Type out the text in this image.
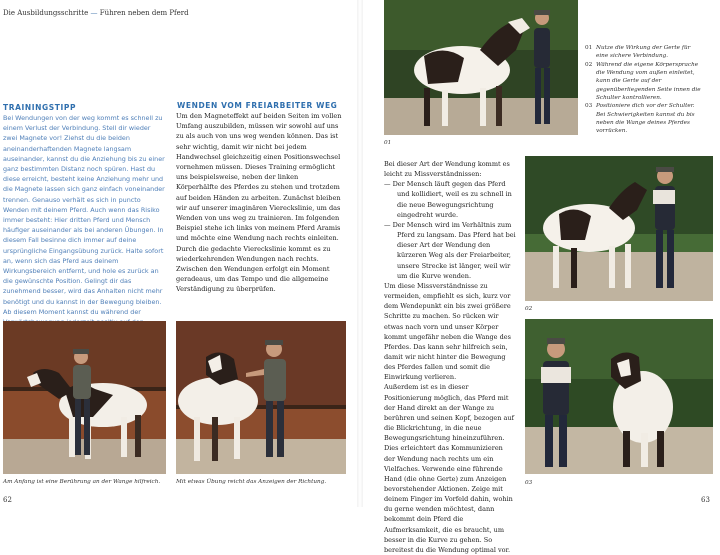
Die Ausbildungsschritte — Führen neben dem Pferd
TRAININGSTIPP
Bei Wendungen von der weg kommt es schnell zu einem Verlust der Verbindung. Stell dir wieder zwei Magnete vor! Ziehst du die beiden aneinanderhaftenden Magnete langsam auseinander, kannst du die Anziehung bis zu einer ganz bestimmten Distanz noch spüren. Hast du diese erreicht, besteht keine Anziehung mehr und die Magnete lassen sich ganz einfach voneinander trennen. Genauso verhält es sich in puncto Wenden mit deinem Pferd. Auch wenn das Risiko immer besteht: Hier dritten Pferd und Mensch häufiger auseinander als bei anderen Übungen. In diesem Fall besinne dich immer auf deine ursprüngliche Eingangsübung zurück. Halte sofort an, wenn sich das Pferd aus deinem Wirkungsbereich entfernt, und hole es zurück an die gewünschte Position. Gelingt dir das zunehmend besser, wird das Anhalten nicht mehr benötigt und du kannst in der Bewegung bleiben. Ab diesem Moment kannst du während der
WENDEN VOM FREIARBEITER WEG
Um den Magneteffekt auf beiden Seiten im vollen Umfang auszubilden, müssen wir sowohl auf uns zu als auch von uns weg wenden können. Das ist sehr wichtig, damit wir nicht bei jedem Handwechsel gleichzeitig einen Positionswechsel vornehmen müssen. Dieses Training ermöglicht uns beispielsweise, neben der linken Körperhälfte des Pferdes zu stehen und trotzdem auf beiden Händen zu arbeiten. Zunächst bleiben wir auf unserer imaginären Viereckslinie, um das Wenden von uns weg zu trainieren. Im folgenden Beispiel stehe ich links von meinem Pferd Aramis und möchte eine Wendung nach rechts einleiten. Durch die gedachte Viereckslinie kommt es zu wiederkehrenden Wendungen nach rechts. Zwischen den Wendungen erfolgt ein Moment geradeaus, um das Tempo und die allgemeine Verständigung zu überprüfen.
Am Anfang ist eine Berührung an der Wange hilfreich.	Mit etwas Übung reicht das Anzeigen der Richtung.
62
01
01 Nutze die Wirkung der Gerte für eine sichere Verbindung.
02 Während die eigene Körpersprache die Wendung vom außen einleitet, kann die Gerte auf der gegenüberliegenden Seite innen die Schulter kontrollieren.
03 Positioniere dich vor der Schulter. Bei Schwierigkeiten kannst du bis neben die Wange deines Pferdes vorrücken.
02
03

Bei dieser Art der Wendung kommt es leicht zu Missverständnissen:

— Der Mensch läuft gegen das Pferd und kollidiert, weil es zu schnell in die neue Bewegungsrichtung eingedreht wurde.

— Der Mensch wird im Verhältnis zum Pferd zu langsam. Das Pferd hat bei dieser Art der Wendung den kürzeren Weg als der Freiarbeiter, unsere Strecke ist länger, weil wir um die Kurve wenden.

Um diese Missverständnisse zu vermeiden, empfiehlt es sich, kurz vor dem Wendepunkt ein bis zwei größere Schritte zu machen. So rücken wir etwas nach vorn und unser Körper kommt ungefähr neben die Wange des Pferdes. Das kann sehr hilfreich sein, damit wir nicht hinter die Bewegung des Pferdes fallen und somit die Einwirkung verlieren.

Außerdem ist es in dieser Positionierung möglich, das Pferd mit der Hand direkt an der Wange zu berühren und seinen Kopf, bezogen auf die Blickrichtung, in die neue Bewegungsrichtung hineinzuführen. Dies erleichtert das Kommunizieren der Wendung nach rechts um ein Vielfaches. Verwende eine führende Hand (die ohne Gerte) zum Anzeigen bevorstehender Aktionen. Zeige mit deinem Finger im Vorfeld dahin, wohin du gerne wenden möchtest, dann bekommt dein Pferd die Aufmerksamkeit, die es braucht, um besser in die Kurve zu gehen. So bereitest du die Wendung optimal vor.

63
